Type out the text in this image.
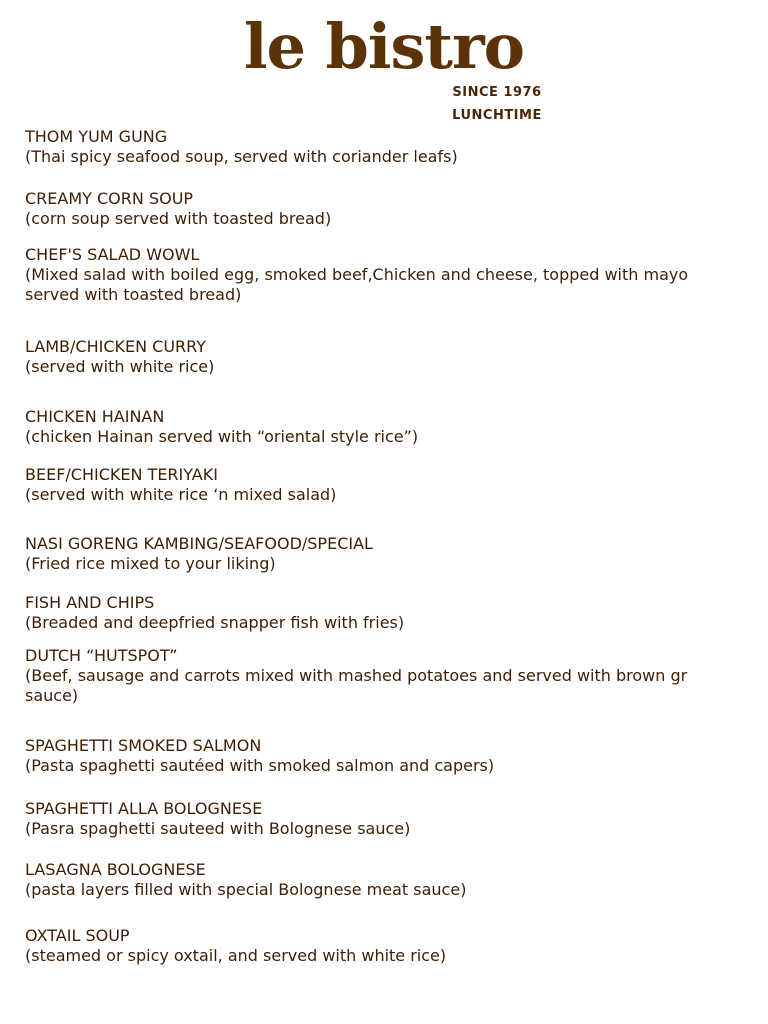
le bistro
SINCE 1976
LUNCHTIME
THOM YUM GUNG
(Thai spicy seafood soup, served with coriander leafs)
CREAMY CORN SOUP
(corn soup served with toasted bread)
CHEF'S SALAD WOWL
(Mixed salad with boiled egg, smoked beef,Chicken and cheese, topped with mayo
served with toasted bread)
LAMB/CHICKEN CURRY
(served with white rice)
CHICKEN HAINAN
(chicken Hainan served with “oriental style rice”)
BEEF/CHICKEN TERIYAKI
(served with white rice ‘n mixed salad)
NASI GORENG KAMBING/SEAFOOD/SPECIAL
(Fried rice mixed to your liking)
FISH AND CHIPS
(Breaded and deepfried snapper fish with fries)
DUTCH “HUTSPOT”
(Beef, sausage and carrots mixed with mashed potatoes and served with brown gr
sauce)
SPAGHETTI SMOKED SALMON
(Pasta spaghetti sautéed with smoked salmon and capers)
SPAGHETTI ALLA BOLOGNESE
(Pasra spaghetti sauteed with Bolognese sauce)
LASAGNA BOLOGNESE
(pasta layers filled with special Bolognese meat sauce)
OXTAIL SOUP
(steamed or spicy oxtail, and served with white rice)
